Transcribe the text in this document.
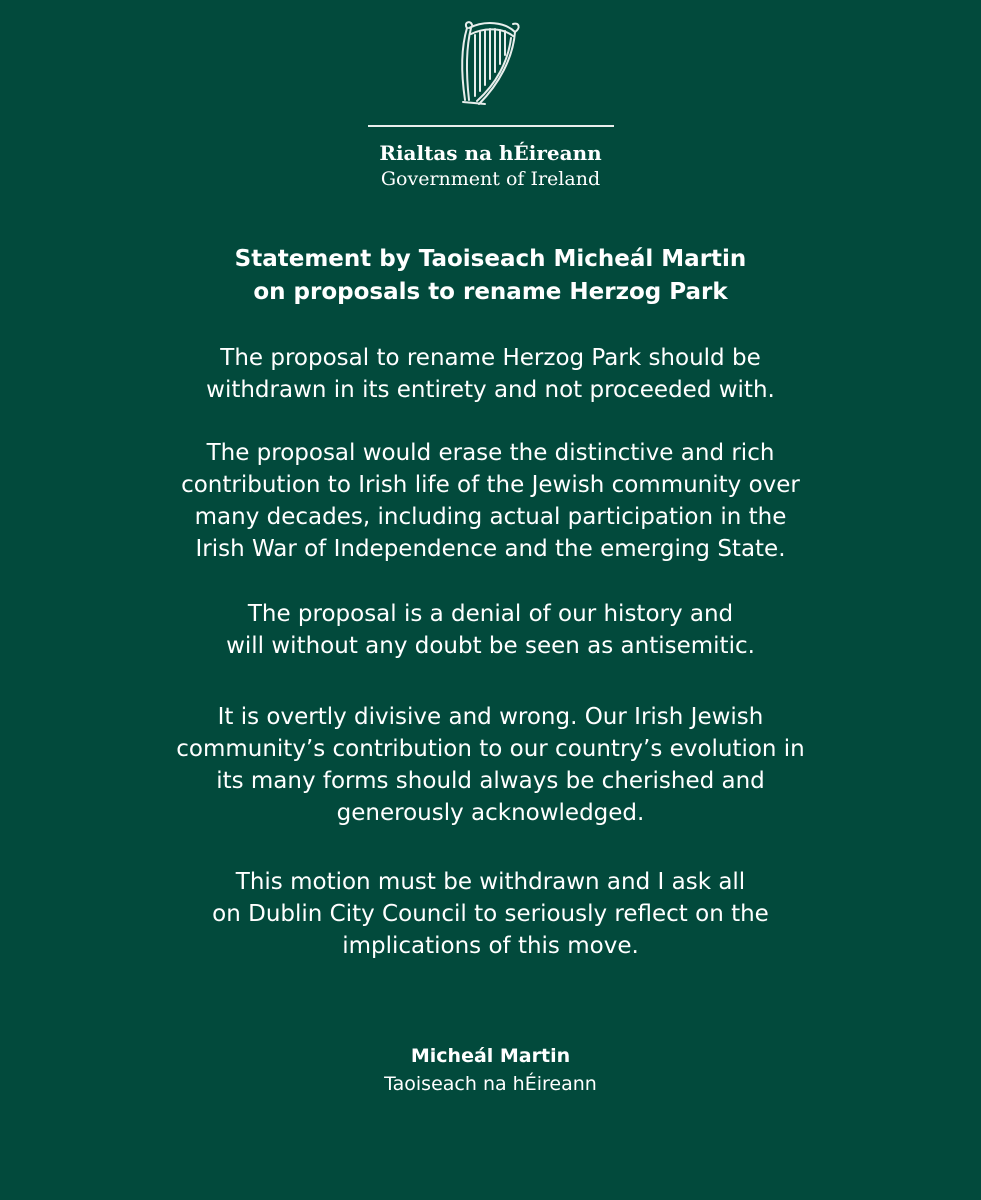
Rialtas na hÉireann
Government of Ireland
Statement by Taoiseach Micheál Martin
on proposals to rename Herzog Park
The proposal to rename Herzog Park should be
withdrawn in its entirety and not proceeded with.
The proposal would erase the distinctive and rich
contribution to Irish life of the Jewish community over
many decades, including actual participation in the
Irish War of Independence and the emerging State.
The proposal is a denial of our history and
will without any doubt be seen as antisemitic.
It is overtly divisive and wrong. Our Irish Jewish
community’s contribution to our country’s evolution in
its many forms should always be cherished and
generously acknowledged.
This motion must be withdrawn and I ask all
on Dublin City Council to seriously reflect on the
implications of this move.
Micheál Martin
Taoiseach na hÉireann
